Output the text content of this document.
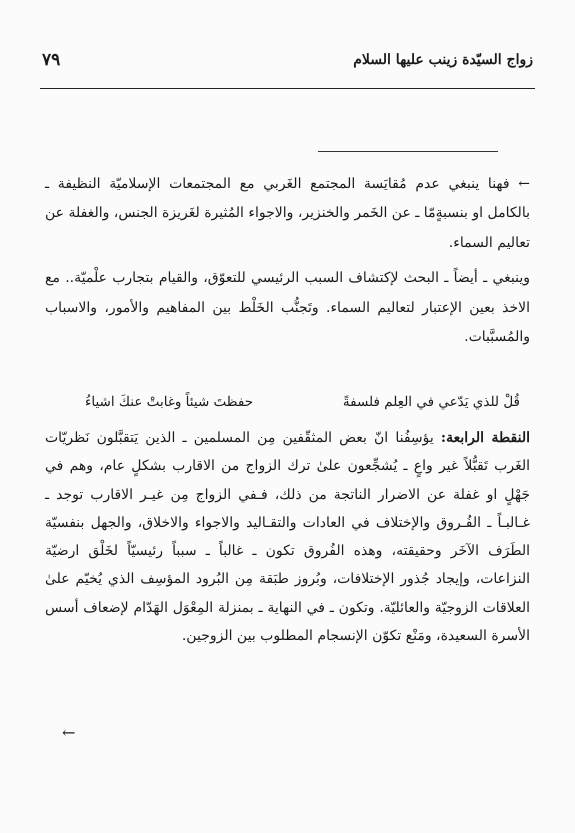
٧٩	زواج السيّدة زينب عليها السلام

← فهنا ينبغي عدم مُقايَسة المجتمع الغَربي مع المجتمعات الإسلاميّة النظيفة ـ بالكامل او بنسبةٍمّا ـ عن الخَمر والخنزير، والاجواء المُثيرة لغَريزة الجنس، والغفلة عن تعاليم السماء.

وينبغي ـ أيضاً ـ البحث لإكتشاف السبب الرئيسي للتعوّق، والقيام بتجارب علْميّة.. مع الاخذ بعين الإعتبار لتعاليم السماء. وتَجنُّب الخَلْط بين المفاهيم والأمور، والاسباب والمُسبَّبات.

قُلْ للذي يَدّعي في العِلم فلسفةً
حفظتَ شيئاً وغابتْ عنكَ اشياءُ
النقطة الرابعة: يؤسِفُنا انّ بعض المثقّفين مِن المسلمين ـ الذين يَتقبَّلون نَظريّات الغَرب تَقبُّلاً غير واعٍ ـ يُشجِّعون علىٰ ترك الزواج من الاقارب بشكلٍ عام، وهم في جَهْلٍ او غفلة عن الاضرار الناتجة من ذلك، فـفي الزواج مِن غيـر الاقارب توجد ـ غـالبـاً ـ الفُـروق والإختلاف في العادات والتقـاليد والاجواء والاخلاق، والجهل بنفسيّة الطَرَف الآخَر وحقيقته، وهذه الفُروق تكون ـ غالباً ـ سبباً رئيسيّاً لخَلْق ارضيّة النزاعات، وإيجاد جُذور الإختلافات، وبُروز طبَقة مِن البُرود المؤسِف الذي يُخيّم علىٰ العلاقات الزوجيّة والعائليّة. وتكون ـ في النهاية ـ بمنزلة المِعْوَل الهَدّام لإضعاف أسس الأسرة السعيدة، ومَنْع تكوّن الإنسجام المطلوب بين الزوجين.
←
